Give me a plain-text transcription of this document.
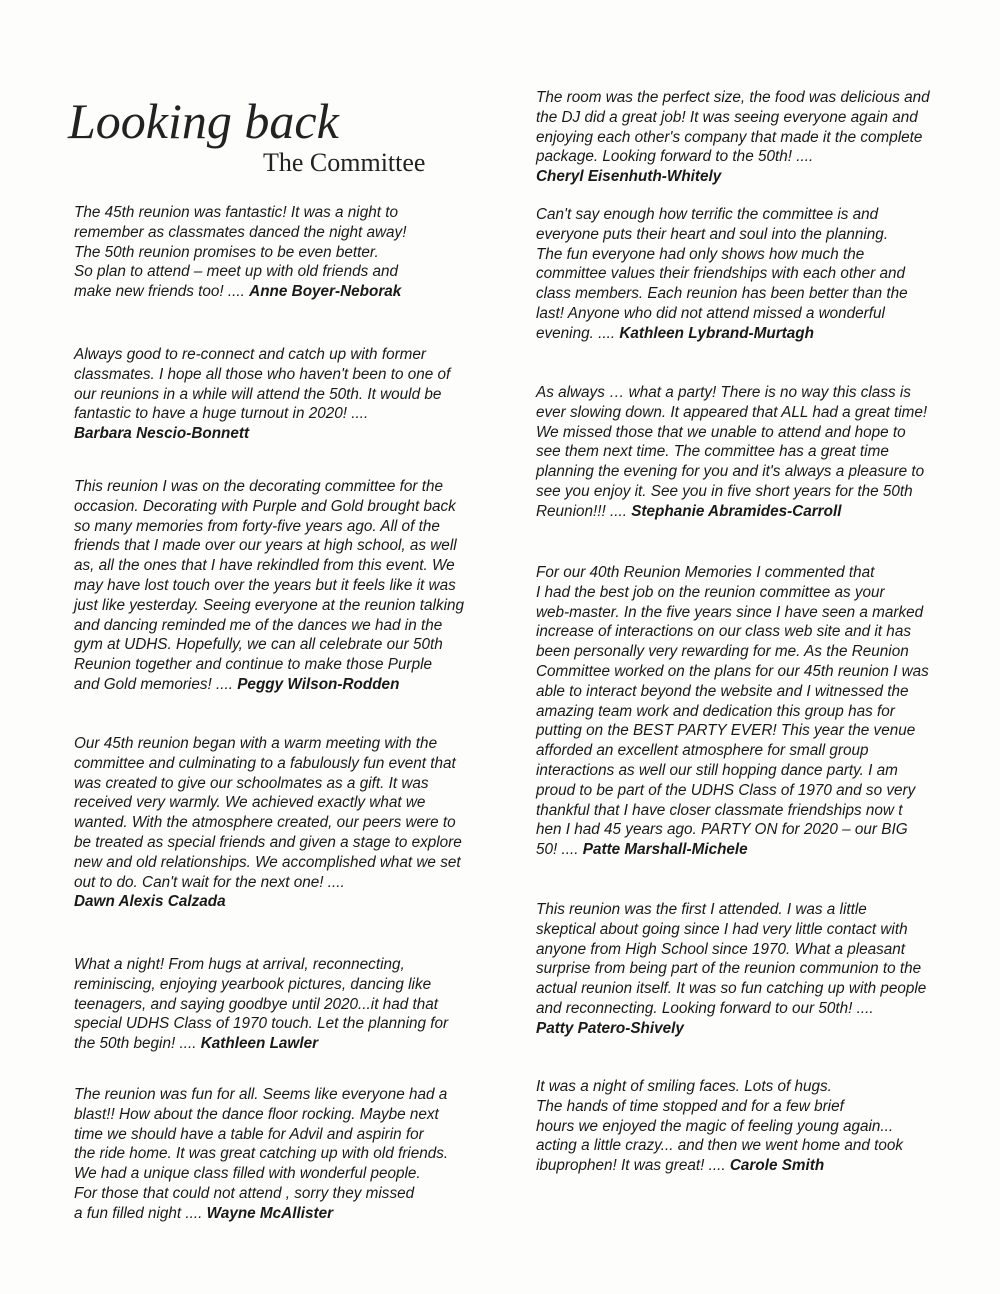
Looking back
The Committee
The 45th reunion was fantastic! It was a night to
remember as classmates danced the night away!
The 50th reunion promises to be even better.
So plan to attend – meet up with old friends and
make new friends too! .... Anne Boyer-Neborak
Always good to re-connect and catch up with former
classmates. I hope all those who haven't been to one of
our reunions in a while will attend the 50th. It would be
fantastic to have a huge turnout in 2020! ....
Barbara Nescio-Bonnett
This reunion I was on the decorating committee for the
occasion. Decorating with Purple and Gold brought back
so many memories from forty-five years ago. All of the
friends that I made over our years at high school, as well
as, all the ones that I have rekindled from this event. We
may have lost touch over the years but it feels like it was
just like yesterday. Seeing everyone at the reunion talking
and dancing reminded me of the dances we had in the
gym at UDHS. Hopefully, we can all celebrate our 50th
Reunion together and continue to make those Purple
and Gold memories! .... Peggy Wilson-Rodden
Our 45th reunion began with a warm meeting with the
committee and culminating to a fabulously fun event that
was created to give our schoolmates as a gift. It was
received very warmly. We achieved exactly what we
wanted. With the atmosphere created, our peers were to
be treated as special friends and given a stage to explore
new and old relationships. We accomplished what we set
out to do. Can't wait for the next one! ....
Dawn Alexis Calzada
What a night! From hugs at arrival, reconnecting,
reminiscing, enjoying yearbook pictures, dancing like
teenagers, and saying goodbye until 2020...it had that
special UDHS Class of 1970 touch. Let the planning for
the 50th begin! .... Kathleen Lawler
The reunion was fun for all. Seems like everyone had a
blast!! How about the dance floor rocking. Maybe next
time we should have a table for Advil and aspirin for
the ride home. It was great catching up with old friends.
We had a unique class filled with wonderful people.
For those that could not attend , sorry they missed
a fun filled night .... Wayne McAllister
The room was the perfect size, the food was delicious and
the DJ did a great job! It was seeing everyone again and
enjoying each other's company that made it the complete
package. Looking forward to the 50th! ....
Cheryl Eisenhuth-Whitely
Can't say enough how terrific the committee is and
everyone puts their heart and soul into the planning.
The fun everyone had only shows how much the
committee values their friendships with each other and
class members. Each reunion has been better than the
last! Anyone who did not attend missed a wonderful
evening. .... Kathleen Lybrand-Murtagh
As always … what a party! There is no way this class is
ever slowing down. It appeared that ALL had a great time!
We missed those that we unable to attend and hope to
see them next time. The committee has a great time
planning the evening for you and it's always a pleasure to
see you enjoy it. See you in five short years for the 50th
Reunion!!! .... Stephanie Abramides-Carroll
For our 40th Reunion Memories I commented that
I had the best job on the reunion committee as your
web-master. In the five years since I have seen a marked
increase of interactions on our class web site and it has
been personally very rewarding for me. As the Reunion
Committee worked on the plans for our 45th reunion I was
able to interact beyond the website and I witnessed the
amazing team work and dedication this group has for
putting on the BEST PARTY EVER! This year the venue
afforded an excellent atmosphere for small group
interactions as well our still hopping dance party. I am
proud to be part of the UDHS Class of 1970 and so very
thankful that I have closer classmate friendships now t
hen I had 45 years ago. PARTY ON for 2020 – our BIG
50! .... Patte Marshall-Michele
This reunion was the first I attended. I was a little
skeptical about going since I had very little contact with
anyone from High School since 1970. What a pleasant
surprise from being part of the reunion communion to the
actual reunion itself. It was so fun catching up with people
and reconnecting. Looking forward to our 50th! ....
Patty Patero-Shively
It was a night of smiling faces. Lots of hugs.
The hands of time stopped and for a few brief
hours we enjoyed the magic of feeling young again...
acting a little crazy... and then we went home and took
ibuprophen! It was great! .... Carole Smith
